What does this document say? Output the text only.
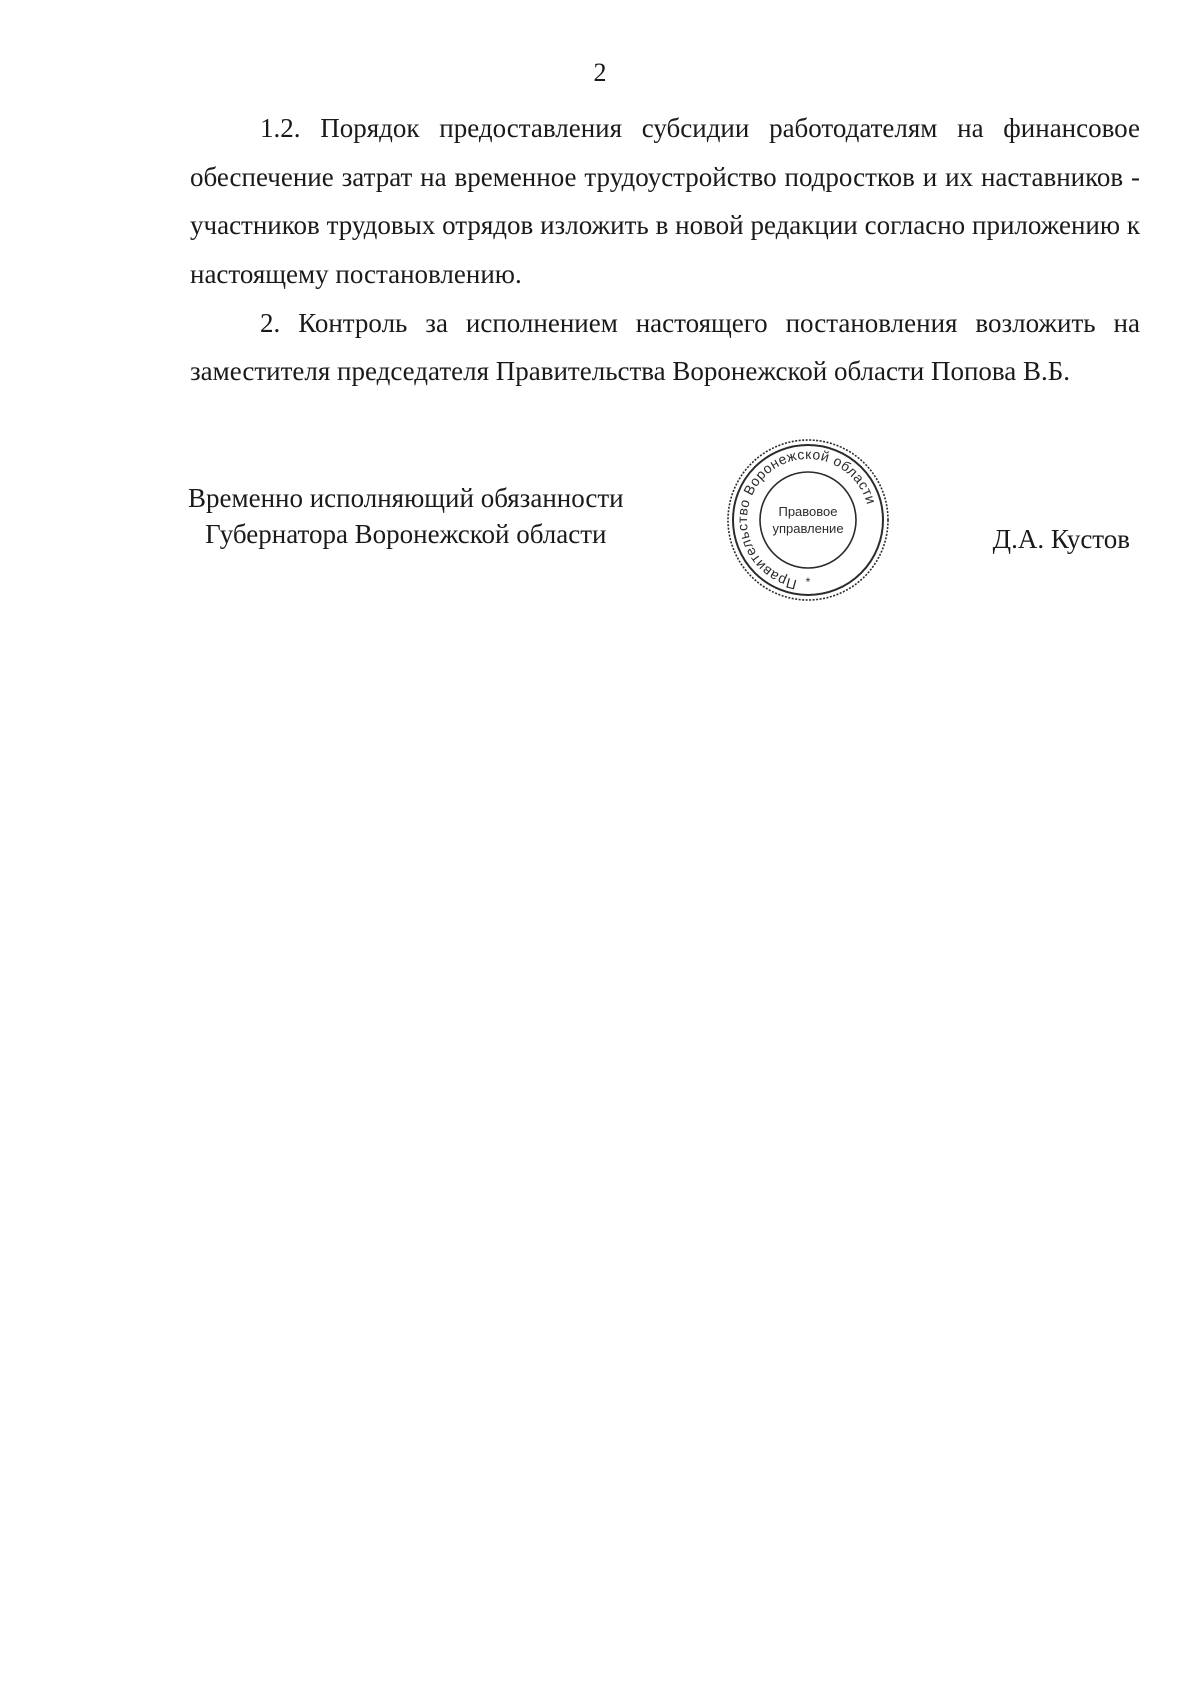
2

1.2. Порядок предоставления субсидии работодателям на финансовое обеспечение затрат на временное трудоустройство подростков и их наставников - участников трудовых отрядов изложить в новой редакции согласно приложению к настоящему постановлению.

2. Контроль за исполнением настоящего постановления возложить на заместителя председателя Правительства Воронежской области Попова В.Б.

Временно исполняющий обязанности
Губернатора Воронежской области
Правительство Воронежской области
Правовое
управление
*
Д.А. Кустов
